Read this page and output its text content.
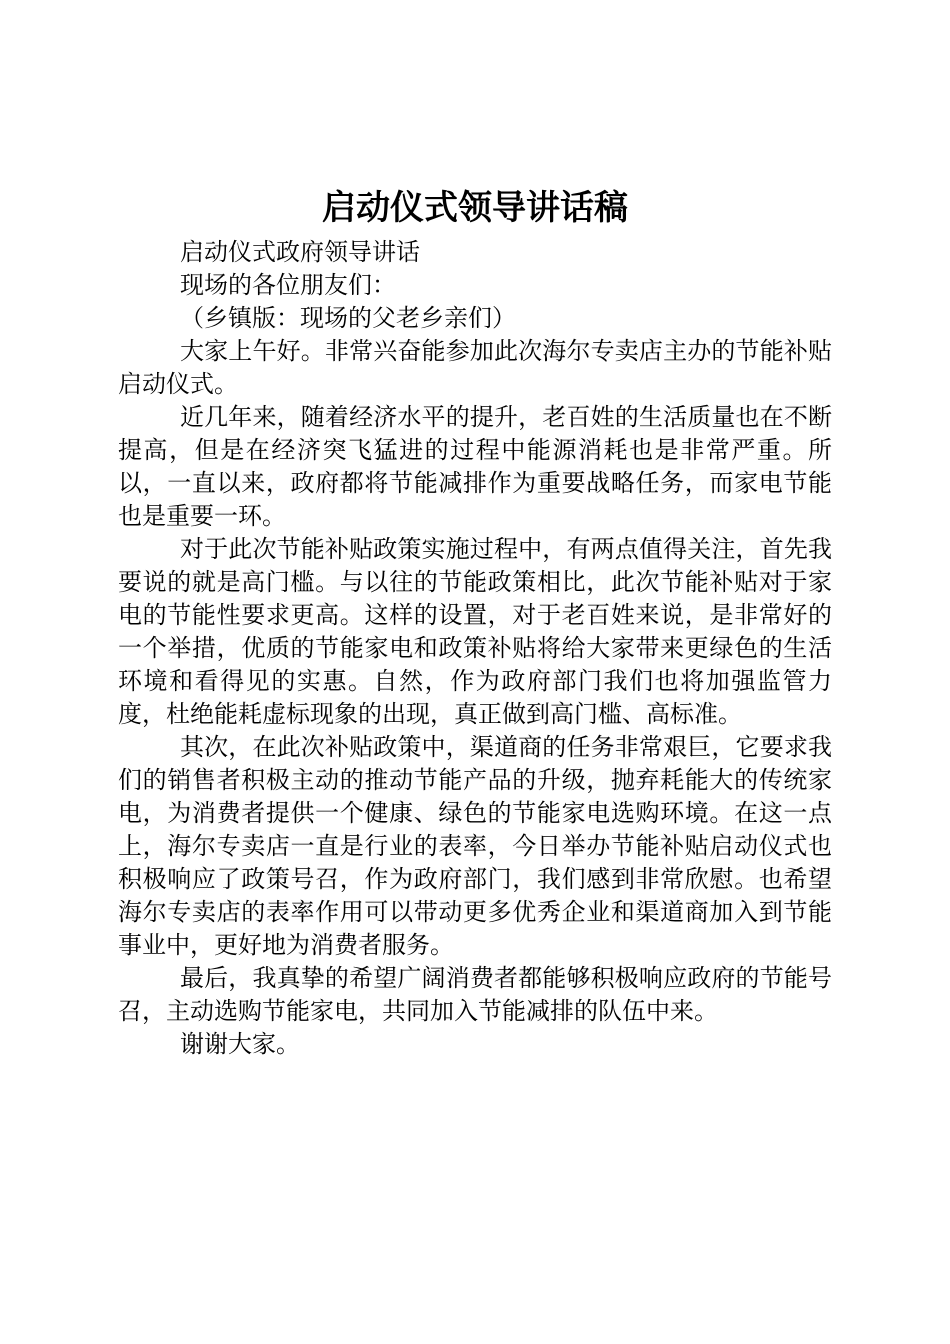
启动仪式领导讲话稿

启动仪式政府领导讲话

现场的各位朋友们：

（乡镇版：现场的父老乡亲们）

大家上午好。非常兴奋能参加此次海尔专卖店主办的节能补贴启动仪式。

近几年来，随着经济水平的提升，老百姓的生活质量也在不断提高，但是在经济突飞猛进的过程中能源消耗也是非常严重。所以，一直以来，政府都将节能减排作为重要战略任务，而家电节能也是重要一环。

对于此次节能补贴政策实施过程中，有两点值得关注，首先我要说的就是高门槛。与以往的节能政策相比，此次节能补贴对于家电的节能性要求更高。这样的设置，对于老百姓来说，是非常好的一个举措，优质的节能家电和政策补贴将给大家带来更绿色的生活环境和看得见的实惠。自然，作为政府部门我们也将加强监管力度，杜绝能耗虚标现象的出现，真正做到高门槛、高标准。

其次，在此次补贴政策中，渠道商的任务非常艰巨，它要求我们的销售者积极主动的推动节能产品的升级，抛弃耗能大的传统家电，为消费者提供一个健康、绿色的节能家电选购环境。在这一点上，海尔专卖店一直是行业的表率，今日举办节能补贴启动仪式也积极响应了政策号召，作为政府部门，我们感到非常欣慰。也希望海尔专卖店的表率作用可以带动更多优秀企业和渠道商加入到节能事业中，更好地为消费者服务。

最后，我真挚的希望广阔消费者都能够积极响应政府的节能号召，主动选购节能家电，共同加入节能减排的队伍中来。

谢谢大家。
